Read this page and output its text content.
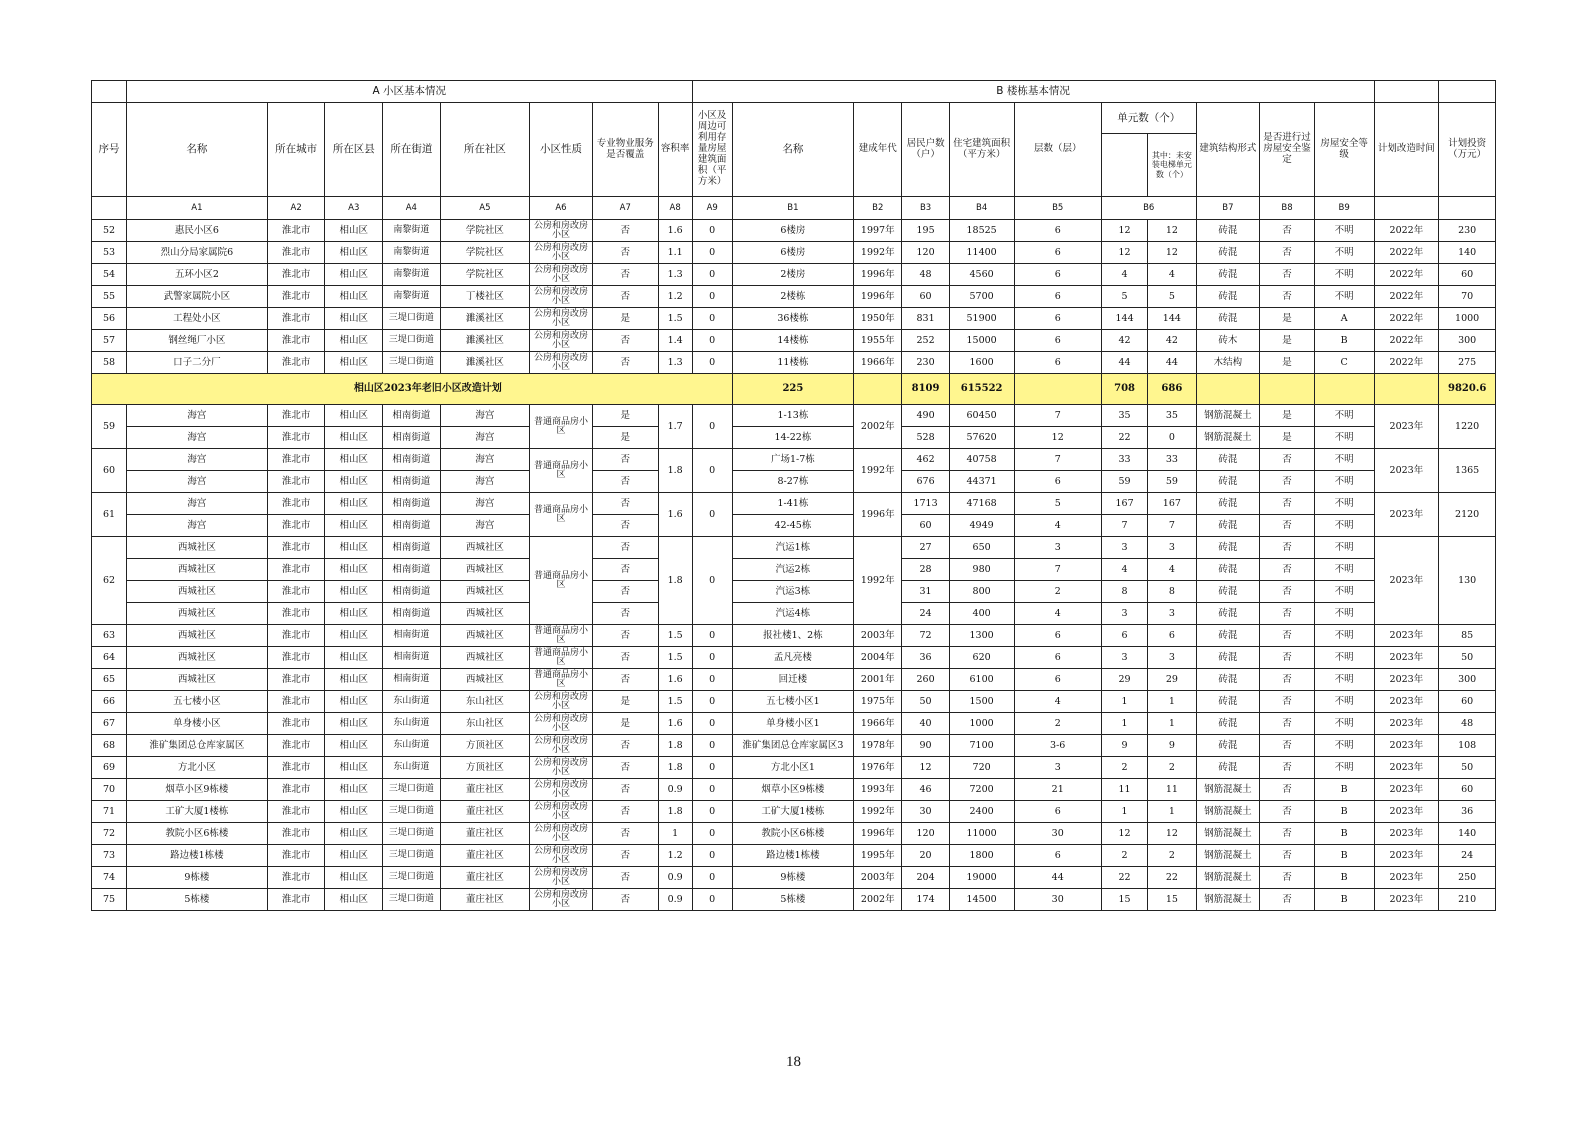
	A 小区基本情况								B 楼栋基本情况												
序号	名称	所在城市	所在区县	所在街道	所在社区	小区性质	专业物业服务是否覆盖	容积率	小区及周边可利用存量房屋建筑面积（平方米）	名称	建成年代	居民户数（户）	住宅建筑面积（平方米）	层数（层）	单元数（个）		建筑结构形式	是否进行过房屋安全鉴定	房屋安全等级	计划改造时间	计划投资（万元）
																其中：未安装电梯单元数（个）					
	A1	A2	A3	A4	A5	A6	A7	A8	A9	B1	B2	B3	B4	B5	B6		B7	B8	B9		
52	惠民小区6	淮北市	相山区	南黎街道	学院社区	公房和房改房小区	否	1.6	0	6楼房	1997年	195	18525	6	12	12	砖混	否	不明	2022年	230
53	烈山分局家属院6	淮北市	相山区	南黎街道	学院社区	公房和房改房小区	否	1.1	0	6楼房	1992年	120	11400	6	12	12	砖混	否	不明	2022年	140
54	五环小区2	淮北市	相山区	南黎街道	学院社区	公房和房改房小区	否	1.3	0	2楼房	1996年	48	4560	6	4	4	砖混	否	不明	2022年	60
55	武警家属院小区	淮北市	相山区	南黎街道	丁楼社区	公房和房改房小区	否	1.2	0	2楼栋	1996年	60	5700	6	5	5	砖混	否	不明	2022年	70
56	工程处小区	淮北市	相山区	三堤口街道	濉溪社区	公房和房改房小区	是	1.5	0	36楼栋	1950年	831	51900	6	144	144	砖混	是	A	2022年	1000
57	钢丝绳厂小区	淮北市	相山区	三堤口街道	濉溪社区	公房和房改房小区	否	1.4	0	14楼栋	1955年	252	15000	6	42	42	砖木	是	B	2022年	300
58	口子二分厂	淮北市	相山区	三堤口街道	濉溪社区	公房和房改房小区	否	1.3	0	11楼栋	1966年	230	1600	6	44	44	木结构	是	C	2022年	275
相山区2023年老旧小区改造计划										225		8109	615522		708	686					9820.6
59	海宫	淮北市	相山区	相南街道	海宫	普通商品房小区	是	1.7	0	1-13栋	2002年	490	60450	7	35	35	钢筋混凝土	是	不明	2023年	1220
	海宫	淮北市	相山区	相南街道	海宫		是			14-22栋		528	57620	12	22	0	钢筋混凝土	是	不明		
60	海宫	淮北市	相山区	相南街道	海宫	普通商品房小区	否	1.8	0	广场1-7栋	1992年	462	40758	7	33	33	砖混	否	不明	2023年	1365
	海宫	淮北市	相山区	相南街道	海宫		否			8-27栋		676	44371	6	59	59	砖混	否	不明		
61	海宫	淮北市	相山区	相南街道	海宫	普通商品房小区	否	1.6	0	1-41栋	1996年	1713	47168	5	167	167	砖混	否	不明	2023年	2120
	海宫	淮北市	相山区	相南街道	海宫		否			42-45栋		60	4949	4	7	7	砖混	否	不明		
62	西城社区	淮北市	相山区	相南街道	西城社区	普通商品房小区	否	1.8	0	汽运1栋	1992年	27	650	3	3	3	砖混	否	不明	2023年	130
	西城社区	淮北市	相山区	相南街道	西城社区		否			汽运2栋		28	980	7	4	4	砖混	否	不明		
	西城社区	淮北市	相山区	相南街道	西城社区		否			汽运3栋		31	800	2	8	8	砖混	否	不明		
	西城社区	淮北市	相山区	相南街道	西城社区		否			汽运4栋		24	400	4	3	3	砖混	否	不明		
63	西城社区	淮北市	相山区	相南街道	西城社区	普通商品房小区	否	1.5	0	报社楼1、2栋	2003年	72	1300	6	6	6	砖混	否	不明	2023年	85
64	西城社区	淮北市	相山区	相南街道	西城社区	普通商品房小区	否	1.5	0	孟凡亮楼	2004年	36	620	6	3	3	砖混	否	不明	2023年	50
65	西城社区	淮北市	相山区	相南街道	西城社区	普通商品房小区	否	1.6	0	回迁楼	2001年	260	6100	6	29	29	砖混	否	不明	2023年	300
66	五七楼小区	淮北市	相山区	东山街道	东山社区	公房和房改房小区	是	1.5	0	五七楼小区1	1975年	50	1500	4	1	1	砖混	否	不明	2023年	60
67	单身楼小区	淮北市	相山区	东山街道	东山社区	公房和房改房小区	是	1.6	0	单身楼小区1	1966年	40	1000	2	1	1	砖混	否	不明	2023年	48
68	淮矿集团总仓库家属区	淮北市	相山区	东山街道	方顶社区	公房和房改房小区	否	1.8	0	淮矿集团总仓库家属区3	1978年	90	7100	3-6	9	9	砖混	否	不明	2023年	108
69	方北小区	淮北市	相山区	东山街道	方顶社区	公房和房改房小区	否	1.8	0	方北小区1	1976年	12	720	3	2	2	砖混	否	不明	2023年	50
70	烟草小区9栋楼	淮北市	相山区	三堤口街道	董庄社区	公房和房改房小区	否	0.9	0	烟草小区9栋楼	1993年	46	7200	21	11	11	钢筋混凝土	否	B	2023年	60
71	工矿大厦1楼栋	淮北市	相山区	三堤口街道	董庄社区	公房和房改房小区	否	1.8	0	工矿大厦1楼栋	1992年	30	2400	6	1	1	钢筋混凝土	否	B	2023年	36
72	教院小区6栋楼	淮北市	相山区	三堤口街道	董庄社区	公房和房改房小区	否	1	0	教院小区6栋楼	1996年	120	11000	30	12	12	钢筋混凝土	否	B	2023年	140
73	路边楼1栋楼	淮北市	相山区	三堤口街道	董庄社区	公房和房改房小区	否	1.2	0	路边楼1栋楼	1995年	20	1800	6	2	2	钢筋混凝土	否	B	2023年	24
74	9栋楼	淮北市	相山区	三堤口街道	董庄社区	公房和房改房小区	否	0.9	0	9栋楼	2003年	204	19000	44	22	22	钢筋混凝土	否	B	2023年	250
75	5栋楼	淮北市	相山区	三堤口街道	董庄社区	公房和房改房小区	否	0.9	0	5栋楼	2002年	174	14500	30	15	15	钢筋混凝土	否	B	2023年	210
18
